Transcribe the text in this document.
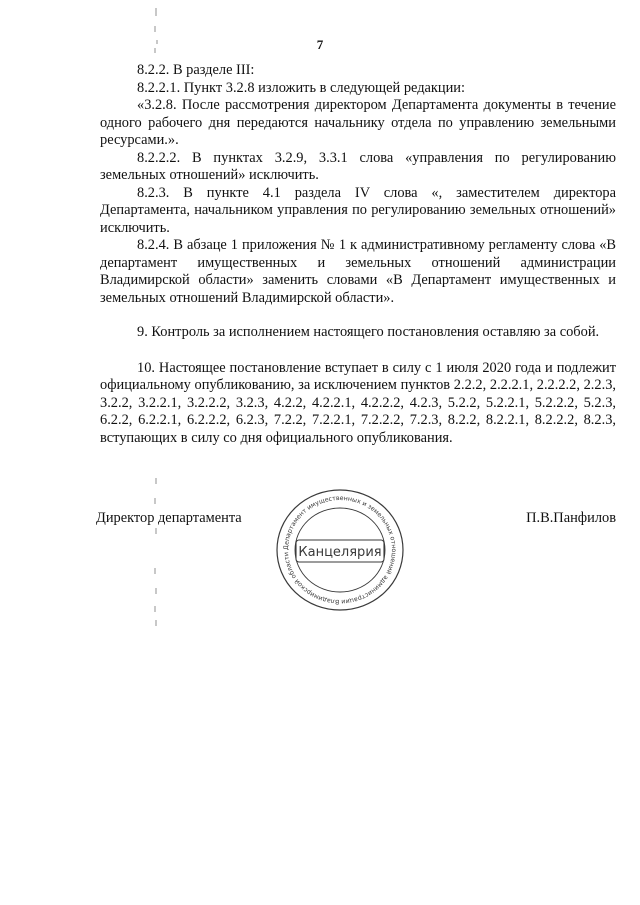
7

8.2.2. В разделе III:

8.2.2.1. Пункт 3.2.8 изложить в следующей редакции:

«3.2.8. После рассмотрения директором Департамента документы в течение одного рабочего дня передаются начальнику отдела по управлению земельными ресурсами.».

8.2.2.2. В пунктах 3.2.9, 3.3.1 слова «управления по регулированию земельных отношений» исключить.

8.2.3. В пункте 4.1 раздела IV слова «, заместителем директора Департамента, начальником управления по регулированию земельных отношений» исключить.

8.2.4. В абзаце 1 приложения № 1 к административному регламенту слова «В департамент имущественных и земельных отношений администрации Владимирской области» заменить словами «В Департамент имущественных и земельных отношений Владимирской области».

9. Контроль за исполнением настоящего постановления оставляю за собой.

10. Настоящее постановление вступает в силу с 1 июля 2020 года и подлежит официальному опубликованию, за исключением пунктов 2.2.2, 2.2.2.1, 2.2.2.2, 2.2.3, 3.2.2, 3.2.2.1, 3.2.2.2, 3.2.3, 4.2.2, 4.2.2.1, 4.2.2.2, 4.2.3, 5.2.2, 5.2.2.1, 5.2.2.2, 5.2.3, 6.2.2, 6.2.2.1, 6.2.2.2, 6.2.3, 7.2.2, 7.2.2.1, 7.2.2.2, 7.2.3, 8.2.2, 8.2.2.1, 8.2.2.2, 8.2.3, вступающих в силу со дня официального опубликования.

Директор департамента	П.В.Панфилов
Департамент имущественных и земельных отношений администрации Владимирской области Канцелярия
